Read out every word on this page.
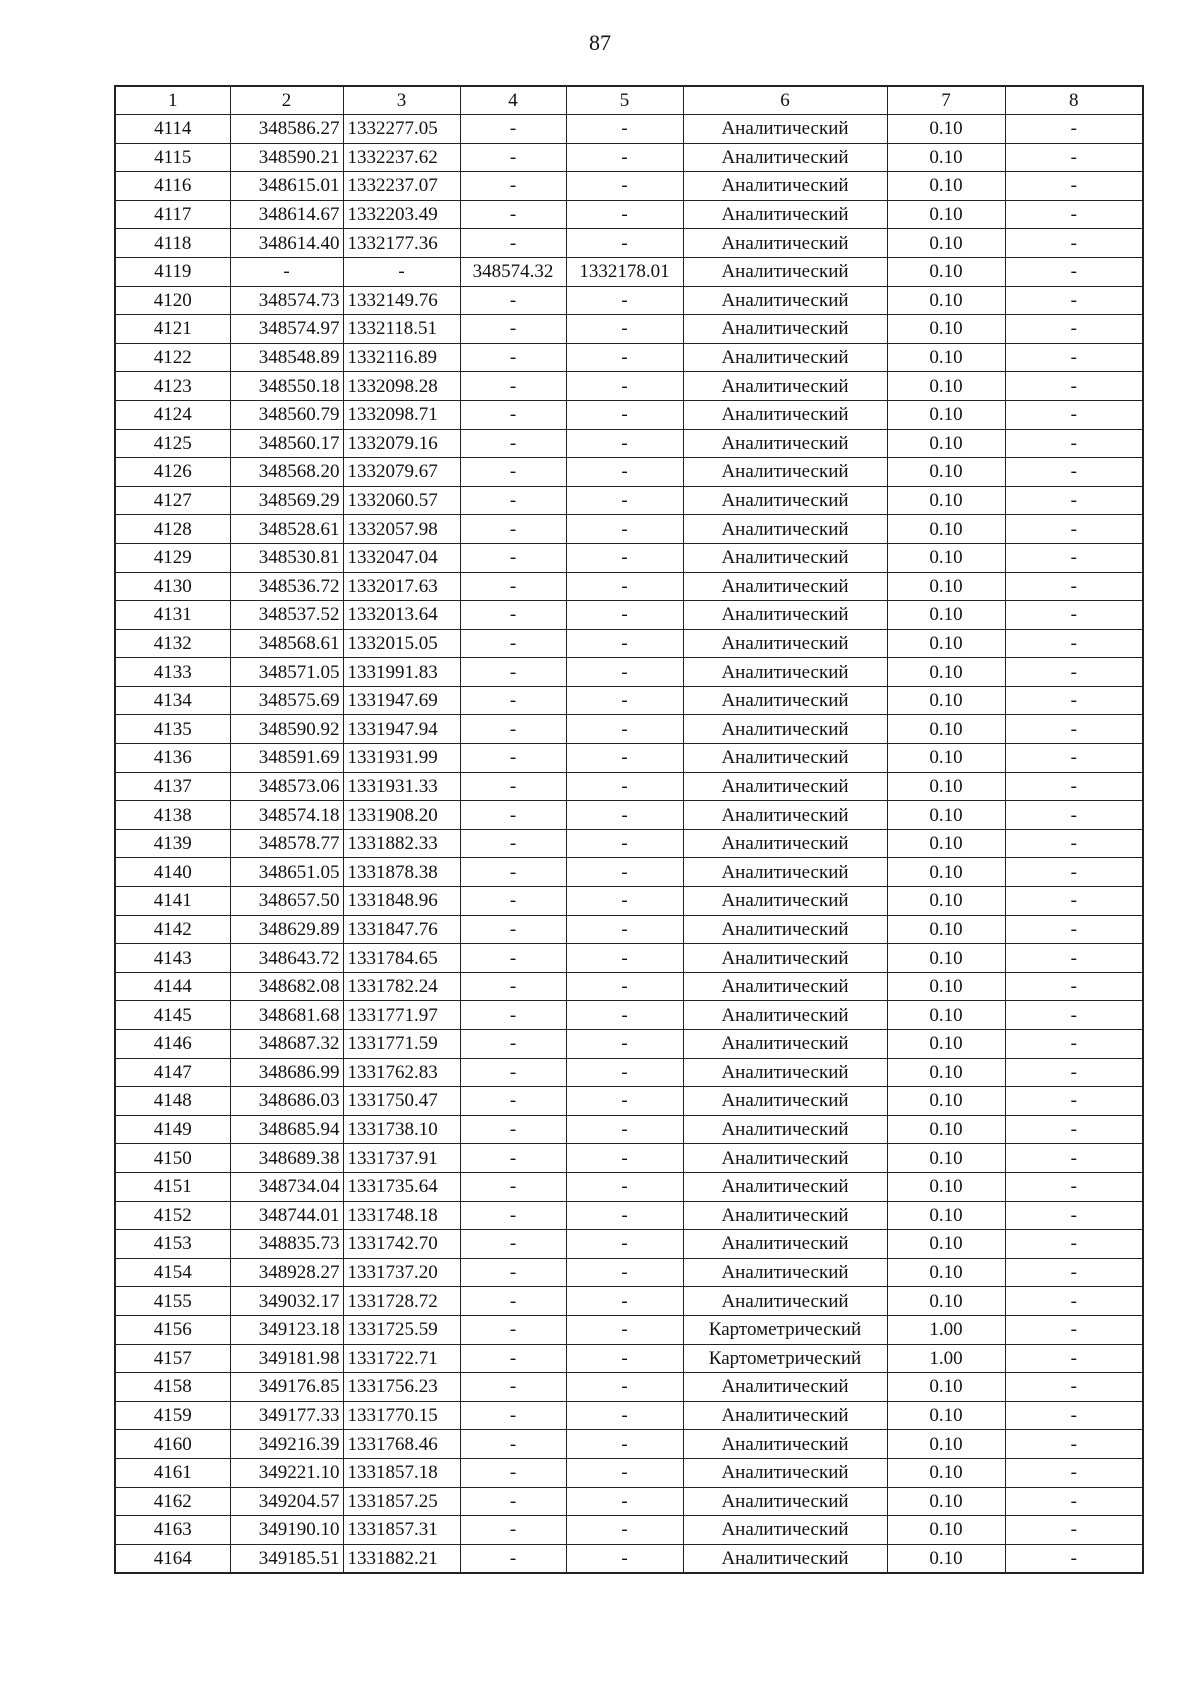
87
1	2	3	4	5	6	7	8
4114	348586.27	1332277.05	-	-	Аналитический	0.10	-
4115	348590.21	1332237.62	-	-	Аналитический	0.10	-
4116	348615.01	1332237.07	-	-	Аналитический	0.10	-
4117	348614.67	1332203.49	-	-	Аналитический	0.10	-
4118	348614.40	1332177.36	-	-	Аналитический	0.10	-
4119	-	-	348574.32	1332178.01	Аналитический	0.10	-
4120	348574.73	1332149.76	-	-	Аналитический	0.10	-
4121	348574.97	1332118.51	-	-	Аналитический	0.10	-
4122	348548.89	1332116.89	-	-	Аналитический	0.10	-
4123	348550.18	1332098.28	-	-	Аналитический	0.10	-
4124	348560.79	1332098.71	-	-	Аналитический	0.10	-
4125	348560.17	1332079.16	-	-	Аналитический	0.10	-
4126	348568.20	1332079.67	-	-	Аналитический	0.10	-
4127	348569.29	1332060.57	-	-	Аналитический	0.10	-
4128	348528.61	1332057.98	-	-	Аналитический	0.10	-
4129	348530.81	1332047.04	-	-	Аналитический	0.10	-
4130	348536.72	1332017.63	-	-	Аналитический	0.10	-
4131	348537.52	1332013.64	-	-	Аналитический	0.10	-
4132	348568.61	1332015.05	-	-	Аналитический	0.10	-
4133	348571.05	1331991.83	-	-	Аналитический	0.10	-
4134	348575.69	1331947.69	-	-	Аналитический	0.10	-
4135	348590.92	1331947.94	-	-	Аналитический	0.10	-
4136	348591.69	1331931.99	-	-	Аналитический	0.10	-
4137	348573.06	1331931.33	-	-	Аналитический	0.10	-
4138	348574.18	1331908.20	-	-	Аналитический	0.10	-
4139	348578.77	1331882.33	-	-	Аналитический	0.10	-
4140	348651.05	1331878.38	-	-	Аналитический	0.10	-
4141	348657.50	1331848.96	-	-	Аналитический	0.10	-
4142	348629.89	1331847.76	-	-	Аналитический	0.10	-
4143	348643.72	1331784.65	-	-	Аналитический	0.10	-
4144	348682.08	1331782.24	-	-	Аналитический	0.10	-
4145	348681.68	1331771.97	-	-	Аналитический	0.10	-
4146	348687.32	1331771.59	-	-	Аналитический	0.10	-
4147	348686.99	1331762.83	-	-	Аналитический	0.10	-
4148	348686.03	1331750.47	-	-	Аналитический	0.10	-
4149	348685.94	1331738.10	-	-	Аналитический	0.10	-
4150	348689.38	1331737.91	-	-	Аналитический	0.10	-
4151	348734.04	1331735.64	-	-	Аналитический	0.10	-
4152	348744.01	1331748.18	-	-	Аналитический	0.10	-
4153	348835.73	1331742.70	-	-	Аналитический	0.10	-
4154	348928.27	1331737.20	-	-	Аналитический	0.10	-
4155	349032.17	1331728.72	-	-	Аналитический	0.10	-
4156	349123.18	1331725.59	-	-	Картометрический	1.00	-
4157	349181.98	1331722.71	-	-	Картометрический	1.00	-
4158	349176.85	1331756.23	-	-	Аналитический	0.10	-
4159	349177.33	1331770.15	-	-	Аналитический	0.10	-
4160	349216.39	1331768.46	-	-	Аналитический	0.10	-
4161	349221.10	1331857.18	-	-	Аналитический	0.10	-
4162	349204.57	1331857.25	-	-	Аналитический	0.10	-
4163	349190.10	1331857.31	-	-	Аналитический	0.10	-
4164	349185.51	1331882.21	-	-	Аналитический	0.10	-
